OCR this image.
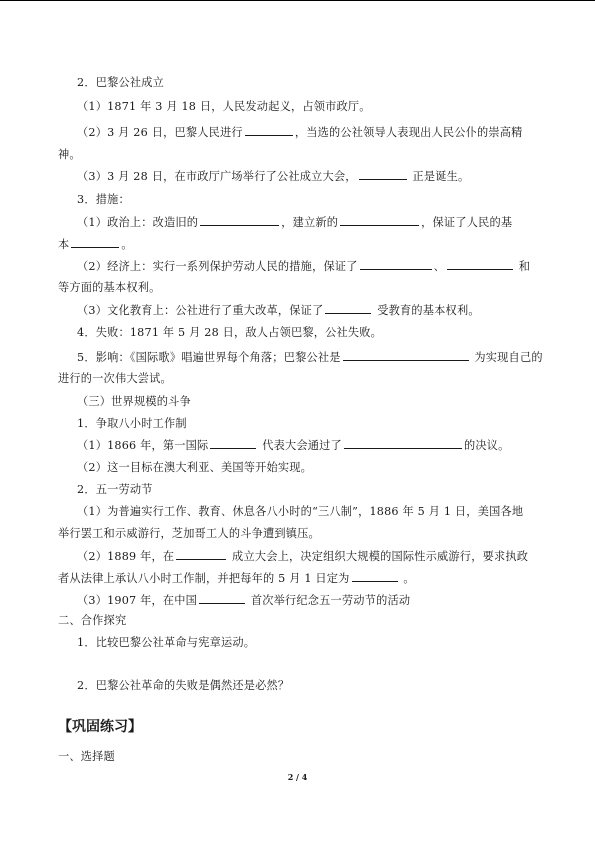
2．巴黎公社成立
（1）1871 年 3 月 18 日，人民发动起义，占领市政厅。
（2）3 月 26 日，巴黎人民进行	，当选的公社领导人表现出人民公仆的崇高精
神。
（3）3 月 28 日，在市政厅广场举行了公社成立大会，	正是诞生。
3．措施：
（1）政治上：改造旧的	，建立新的	，保证了人民的基
本	。
（2）经济上：实行一系列保护劳动人民的措施，保证了	、	和
等方面的基本权利。
（3）文化教育上：公社进行了重大改革，保证了	受教育的基本权利。
4．失败：1871 年 5 月 28 日，敌人占领巴黎，公社失败。
5．影响：《国际歌》唱遍世界每个角落；巴黎公社是	为实现自己的
进行的一次伟大尝试。
（三）世界规模的斗争
1．争取八小时工作制
（1）1866 年，第一国际	代表大会通过了	的决议。
（2）这一目标在澳大利亚、美国等开始实现。
2．五一劳动节
（1）为普遍实行工作、教育、休息各八小时的“三八制”，1886 年 5 月 1 日，美国各地
举行罢工和示威游行，芝加哥工人的斗争遭到镇压。
（2）1889 年，在	成立大会上，决定组织大规模的国际性示威游行，要求执政
者从法律上承认八小时工作制，并把每年的 5 月 1 日定为	。
（3）1907 年，在中国	首次举行纪念五一劳动节的活动
二、合作探究
1．比较巴黎公社革命与宪章运动。
2．巴黎公社革命的失败是偶然还是必然？
一、选择题
【巩固练习】
2 / 4
